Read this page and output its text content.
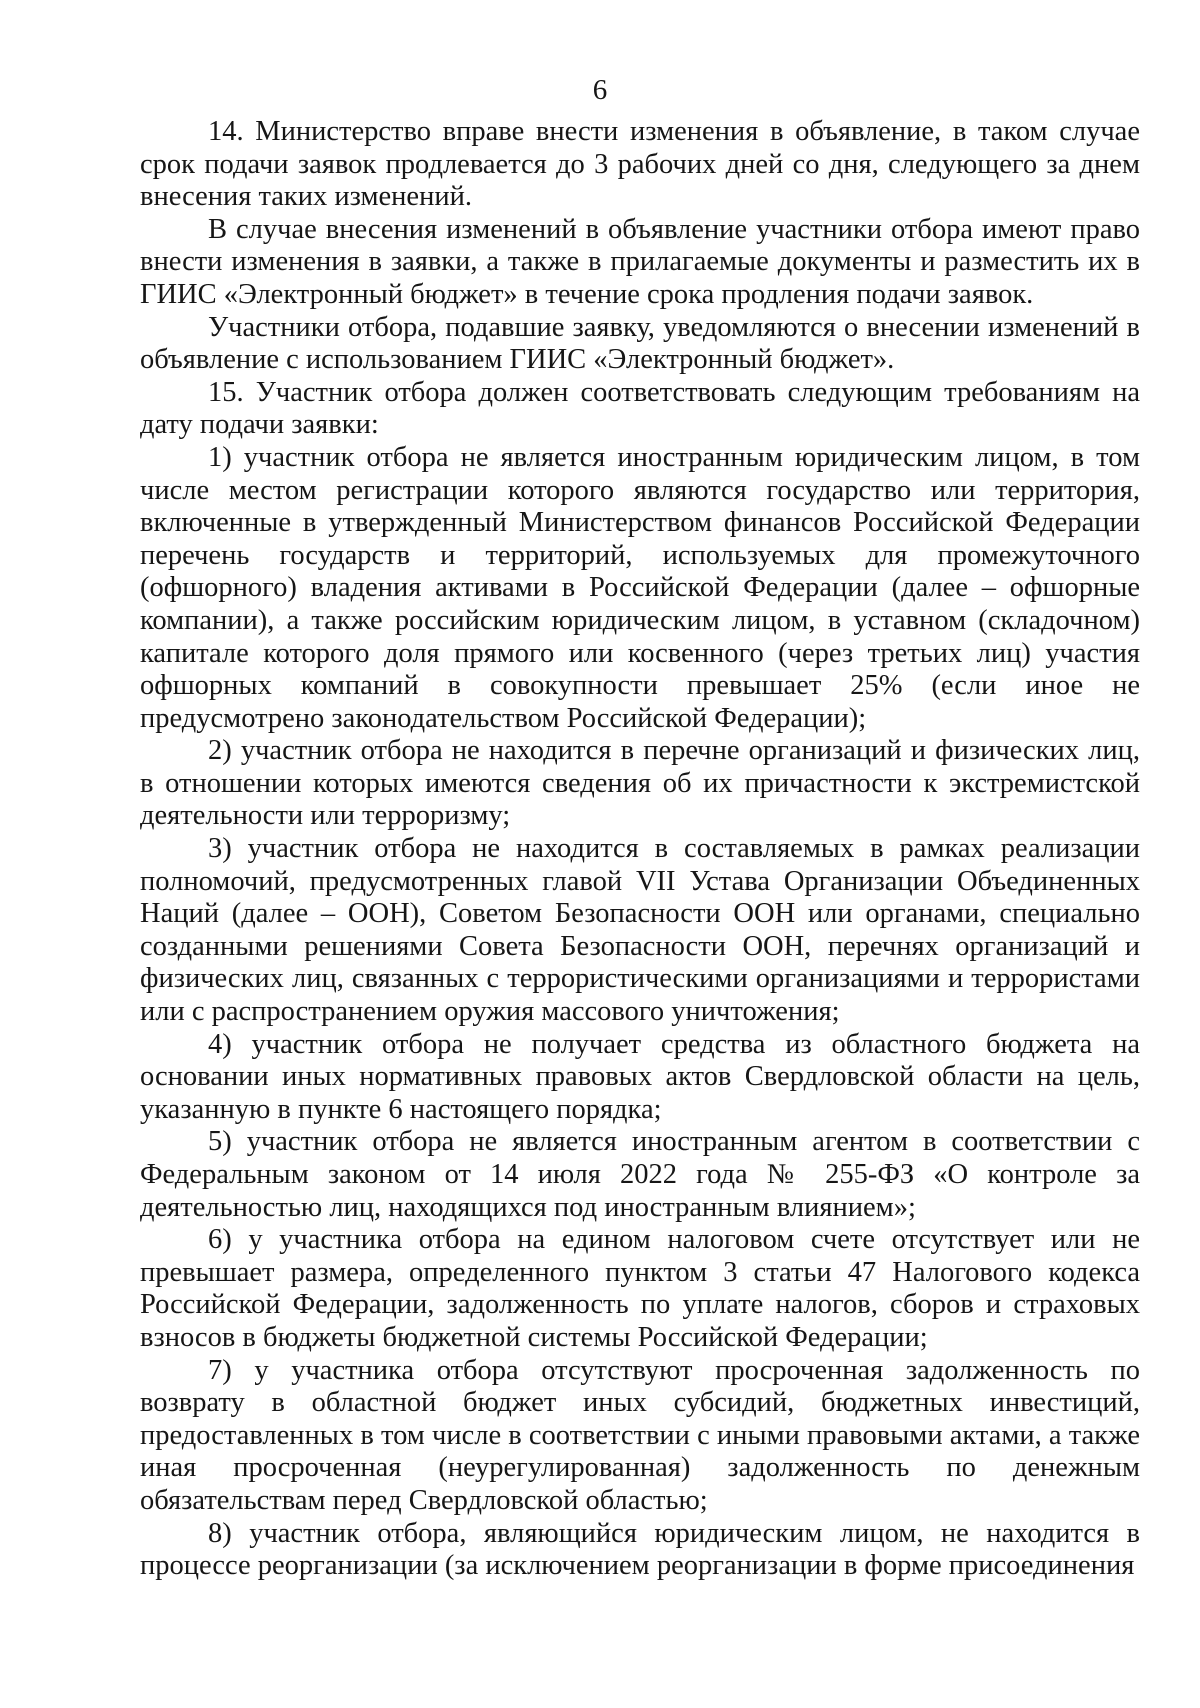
6

14. Министерство вправе внести изменения в объявление, в таком случае срок подачи заявок продлевается до 3 рабочих дней со дня, следующего за днем внесения таких изменений.

В случае внесения изменений в объявление участники отбора имеют право внести изменения в заявки, а также в прилагаемые документы и разместить их в ГИИС «Электронный бюджет» в течение срока продления подачи заявок.

Участники отбора, подавшие заявку, уведомляются о внесении изменений в объявление с использованием ГИИС «Электронный бюджет».

15. Участник отбора должен соответствовать следующим требованиям на дату подачи заявки:

1) участник отбора не является иностранным юридическим лицом, в том числе местом регистрации которого являются государство или территория, включенные в утвержденный Министерством финансов Российской Федерации перечень государств и территорий, используемых для промежуточного (офшорного) владения активами в Российской Федерации (далее – офшорные компании), а также российским юридическим лицом, в уставном (складочном) капитале которого доля прямого или косвенного (через третьих лиц) участия офшорных компаний в совокупности превышает 25% (если иное не предусмотрено законодательством Российской Федерации);

2) участник отбора не находится в перечне организаций и физических лиц, в отношении которых имеются сведения об их причастности к экстремистской деятельности или терроризму;

3) участник отбора не находится в составляемых в рамках реализации полномочий, предусмотренных главой VII Устава Организации Объединенных Наций (далее – ООН), Советом Безопасности ООН или органами, специально созданными решениями Совета Безопасности ООН, перечнях организаций и физических лиц, связанных с террористическими организациями и террористами или с распространением оружия массового уничтожения;

4) участник отбора не получает средства из областного бюджета на основании иных нормативных правовых актов Свердловской области на цель, указанную в пункте 6 настоящего порядка;

5) участник отбора не является иностранным агентом в соответствии с Федеральным законом от 14 июля 2022 года № 255-ФЗ «О контроле за деятельностью лиц, находящихся под иностранным влиянием»;

6) у участника отбора на едином налоговом счете отсутствует или не превышает размера, определенного пунктом 3 статьи 47 Налогового кодекса Российской Федерации, задолженность по уплате налогов, сборов и страховых взносов в бюджеты бюджетной системы Российской Федерации;

7) у участника отбора отсутствуют просроченная задолженность по возврату в областной бюджет иных субсидий, бюджетных инвестиций, предоставленных в том числе в соответствии с иными правовыми актами, а также иная просроченная (неурегулированная) задолженность по денежным обязательствам перед Свердловской областью;

8) участник отбора, являющийся юридическим лицом, не находится в процессе реорганизации (за исключением реорганизации в форме присоединения
